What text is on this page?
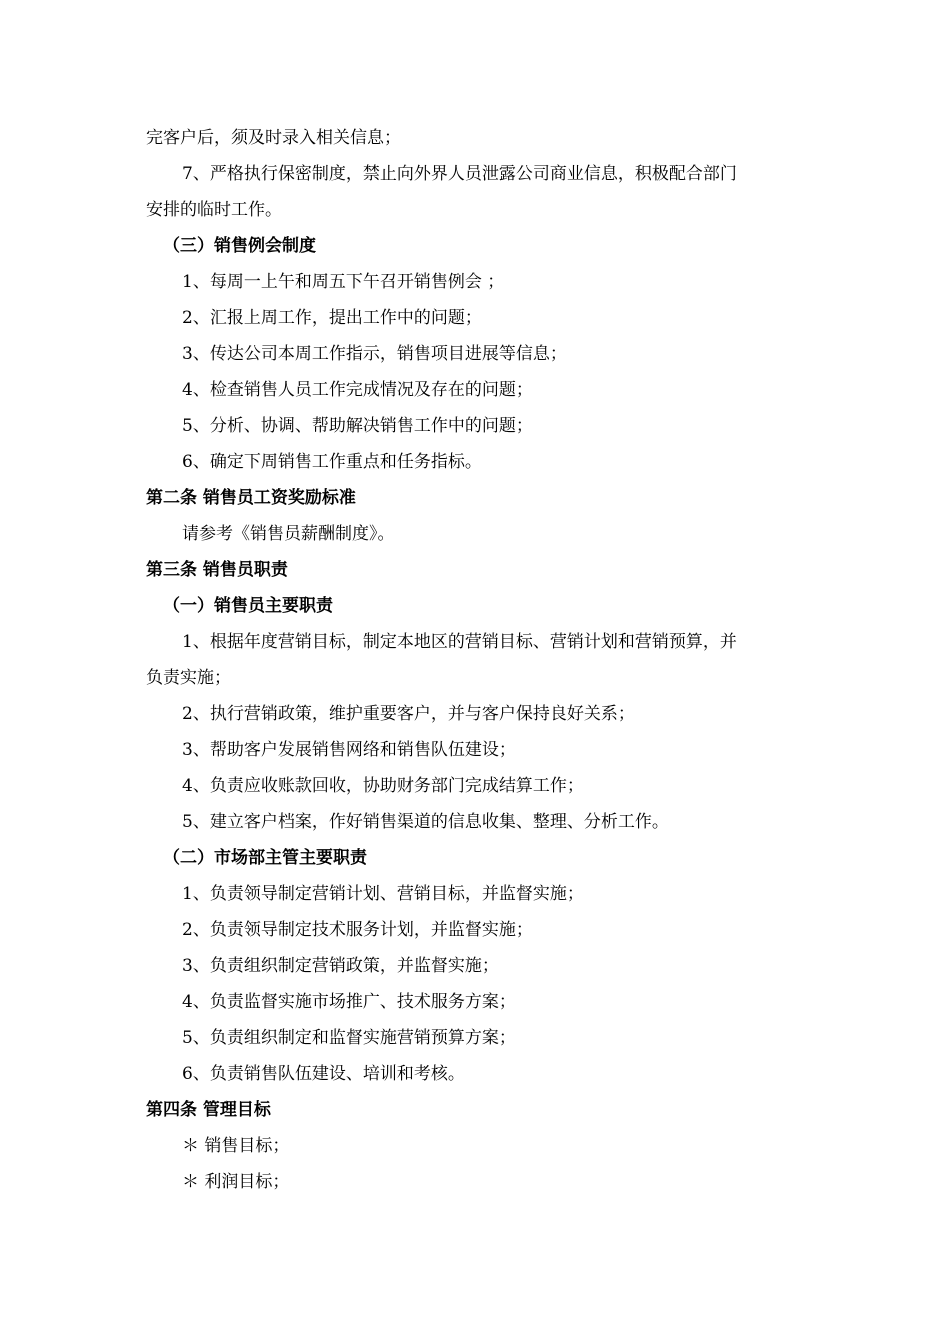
完客户后，须及时录入相关信息；
7、严格执行保密制度，禁止向外界人员泄露公司商业信息，积极配合部门
安排的临时工作。
（三）销售例会制度
1、每周一上午和周五下午召开销售例会 ；
2、汇报上周工作，提出工作中的问题；
3、传达公司本周工作指示，销售项目进展等信息；
4、检查销售人员工作完成情况及存在的问题；
5、分析、协调、帮助解决销售工作中的问题；
6、确定下周销售工作重点和任务指标。
第二条 销售员工资奖励标准
请参考《销售员薪酬制度》。
第三条 销售员职责
（一）销售员主要职责
1、根据年度营销目标，制定本地区的营销目标、营销计划和营销预算，并
负责实施；
2、执行营销政策，维护重要客户，并与客户保持良好关系；
3、帮助客户发展销售网络和销售队伍建设；
4、负责应收账款回收，协助财务部门完成结算工作；
5、建立客户档案，作好销售渠道的信息收集、整理、分析工作。
（二）市场部主管主要职责
1、负责领导制定营销计划、营销目标，并监督实施；
2、负责领导制定技术服务计划，并监督实施；
3、负责组织制定营销政策，并监督实施；
4、负责监督实施市场推广、技术服务方案；
5、负责组织制定和监督实施营销预算方案；
6、负责销售队伍建设、培训和考核。
第四条 管理目标
＊ 销售目标；
＊ 利润目标；
